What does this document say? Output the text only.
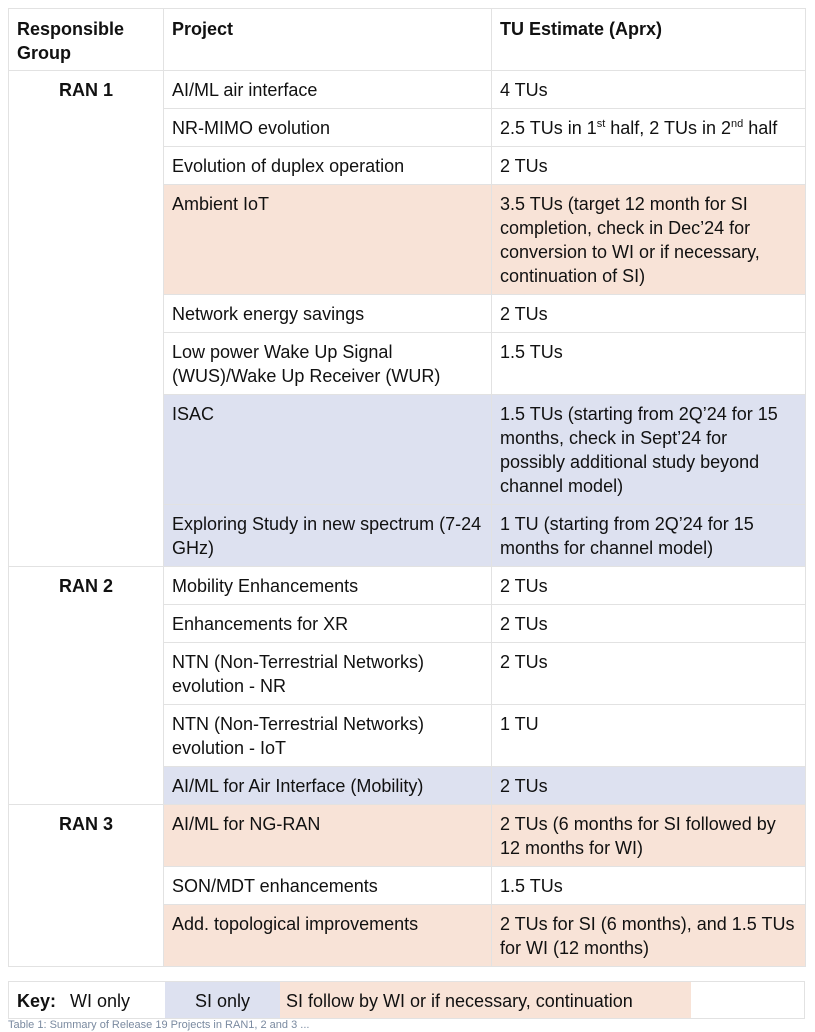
Responsible Group	Project	TU Estimate (Aprx)
RAN 1	AI/ML air interface	4 TUs
	NR-MIMO evolution	2.5 TUs in 1st half, 2 TUs in 2nd half
	Evolution of duplex operation	2 TUs
	Ambient IoT	3.5 TUs (target 12 month for SI completion, check in Dec’24 for conversion to WI or if necessary, continuation of SI)
	Network energy savings	2 TUs
	Low power Wake Up Signal (WUS)/Wake Up Receiver (WUR)	1.5 TUs
	ISAC	1.5 TUs (starting from 2Q’24 for 15 months, check in Sept’24 for possibly additional study beyond channel model)
	Exploring Study in new spectrum (7-24 GHz)	1 TU (starting from 2Q’24 for 15 months for channel model)
RAN 2	Mobility Enhancements	2 TUs
	Enhancements for XR	2 TUs
	NTN (Non-Terrestrial Networks) evolution - NR	2 TUs
	NTN (Non-Terrestrial Networks) evolution - IoT	1 TU
	AI/ML for Air Interface (Mobility)	2 TUs
RAN 3	AI/ML for NG-RAN	2 TUs (6 months for SI followed by 12 months for WI)
	SON/MDT enhancements	1.5 TUs
	Add. topological improvements	2 TUs for SI (6 months), and 1.5 TUs for WI (12 months)
Key: WI only	SI only	SI follow by WI or if necessary, continuation
Table 1: Summary of Release 19 Projects in RAN1, 2 and 3 ...
